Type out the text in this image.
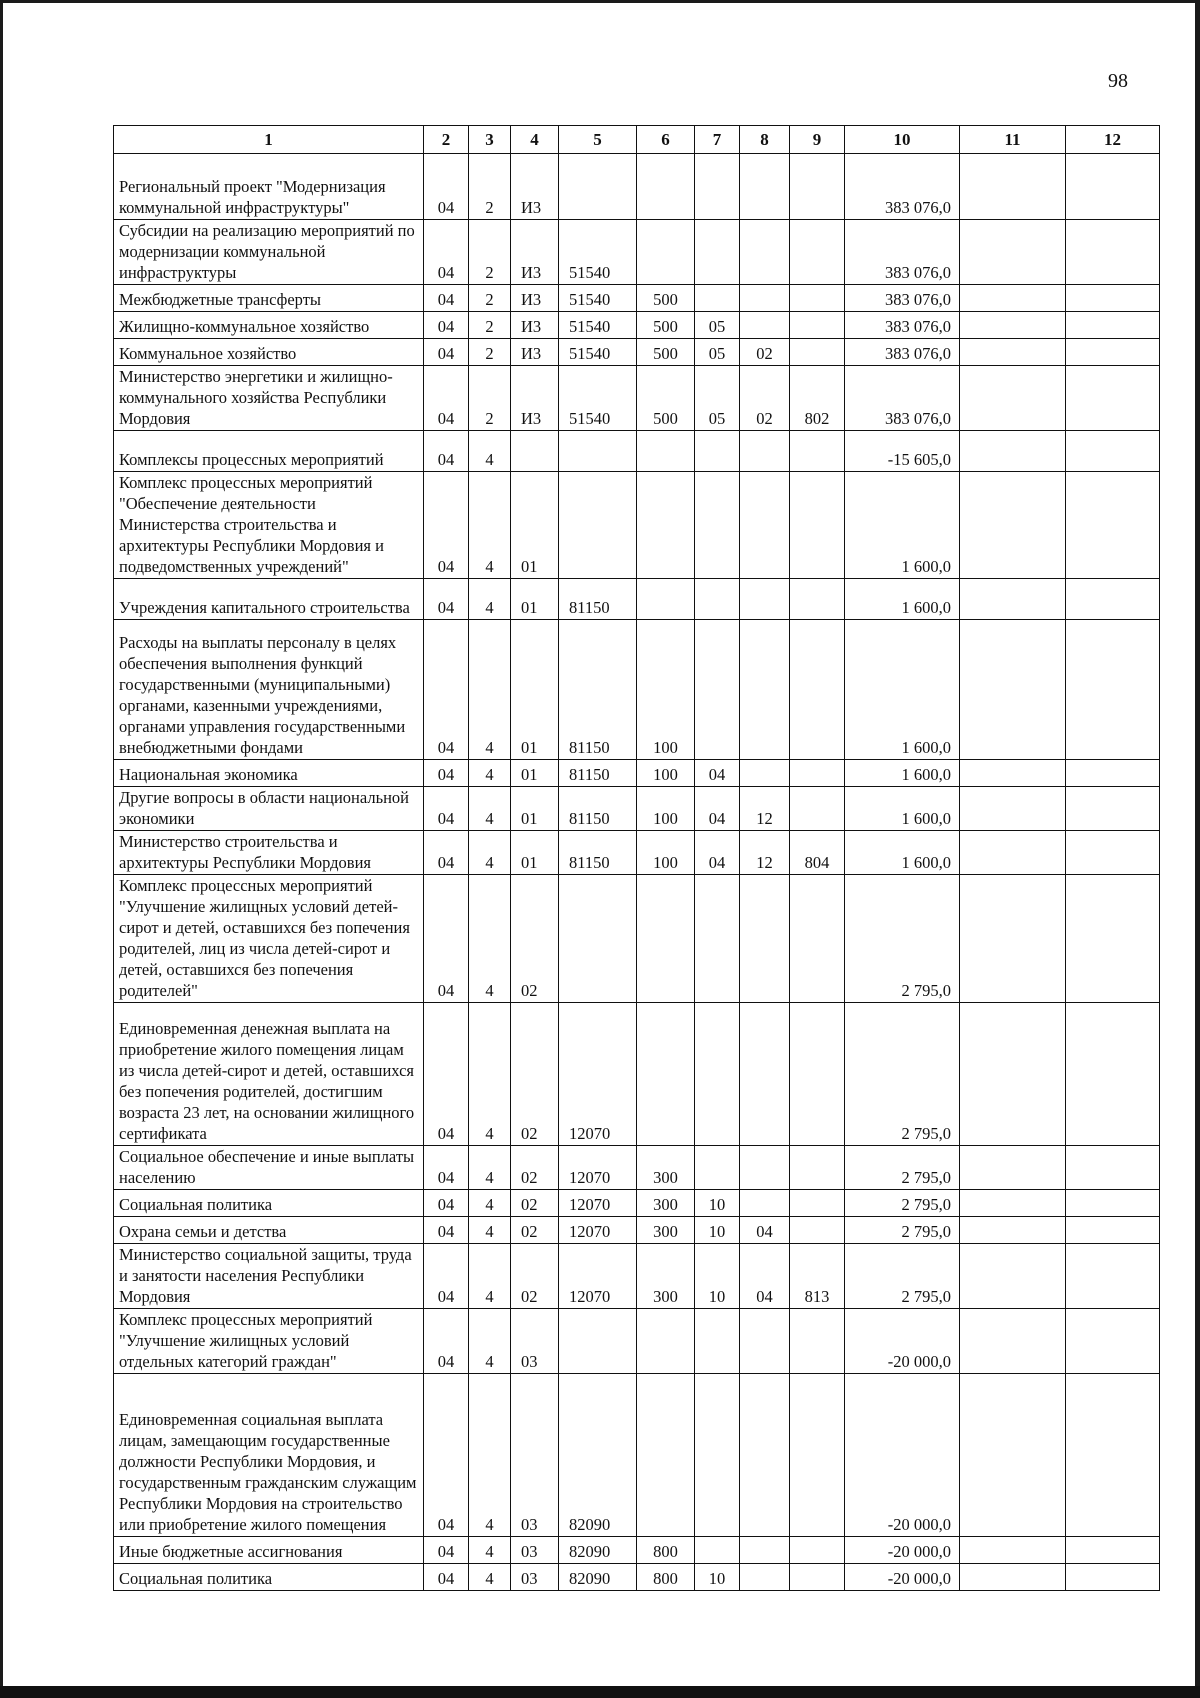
98
1	2	3	4	5	6	7	8	9	10	11	12
Региональный проект "Модернизация коммунальной инфраструктуры"	04	2	И3						383 076,0		
Субсидии на реализацию мероприятий по модернизации коммунальной инфраструктуры	04	2	И3	51540					383 076,0		
Межбюджетные трансферты	04	2	И3	51540	500				383 076,0		
Жилищно-коммунальное хозяйство	04	2	И3	51540	500	05			383 076,0		
Коммунальное хозяйство	04	2	И3	51540	500	05	02		383 076,0		
Министерство энергетики и жилищно-коммунального хозяйства Республики Мордовия	04	2	И3	51540	500	05	02	802	383 076,0		
Комплексы процессных мероприятий	04	4							-15 605,0		
Комплекс процессных мероприятий "Обеспечение деятельности Министерства строительства и архитектуры Республики Мордовия и подведомственных учреждений"	04	4	01						1 600,0		
Учреждения капитального строительства	04	4	01	81150					1 600,0		
Расходы на выплаты персоналу в целях обеспечения выполнения функций государственными (муниципальными) органами, казенными учреждениями, органами управления государственными внебюджетными фондами	04	4	01	81150	100				1 600,0		
Национальная экономика	04	4	01	81150	100	04			1 600,0		
Другие вопросы в области национальной экономики	04	4	01	81150	100	04	12		1 600,0		
Министерство строительства и архитектуры Республики Мордовия	04	4	01	81150	100	04	12	804	1 600,0		
Комплекс процессных мероприятий "Улучшение жилищных условий детей-сирот и детей, оставшихся без попечения родителей, лиц из числа детей-сирот и детей, оставшихся без попечения родителей"	04	4	02						2 795,0		
Единовременная денежная выплата на приобретение жилого помещения лицам из числа детей-сирот и детей, оставшихся без попечения родителей, достигшим возраста 23 лет, на основании жилищного сертификата	04	4	02	12070					2 795,0		
Социальное обеспечение и иные выплаты населению	04	4	02	12070	300				2 795,0		
Социальная политика	04	4	02	12070	300	10			2 795,0		
Охрана семьи и детства	04	4	02	12070	300	10	04		2 795,0		
Министерство социальной защиты, труда и занятости населения Республики Мордовия	04	4	02	12070	300	10	04	813	2 795,0		
Комплекс процессных мероприятий "Улучшение жилищных условий отдельных категорий граждан"	04	4	03						-20 000,0		
Единовременная социальная выплата лицам, замещающим государственные должности Республики Мордовия, и государственным гражданским служащим Республики Мордовия на строительство или приобретение жилого помещения	04	4	03	82090					-20 000,0		
Иные бюджетные ассигнования	04	4	03	82090	800				-20 000,0		
Социальная политика	04	4	03	82090	800	10			-20 000,0		
